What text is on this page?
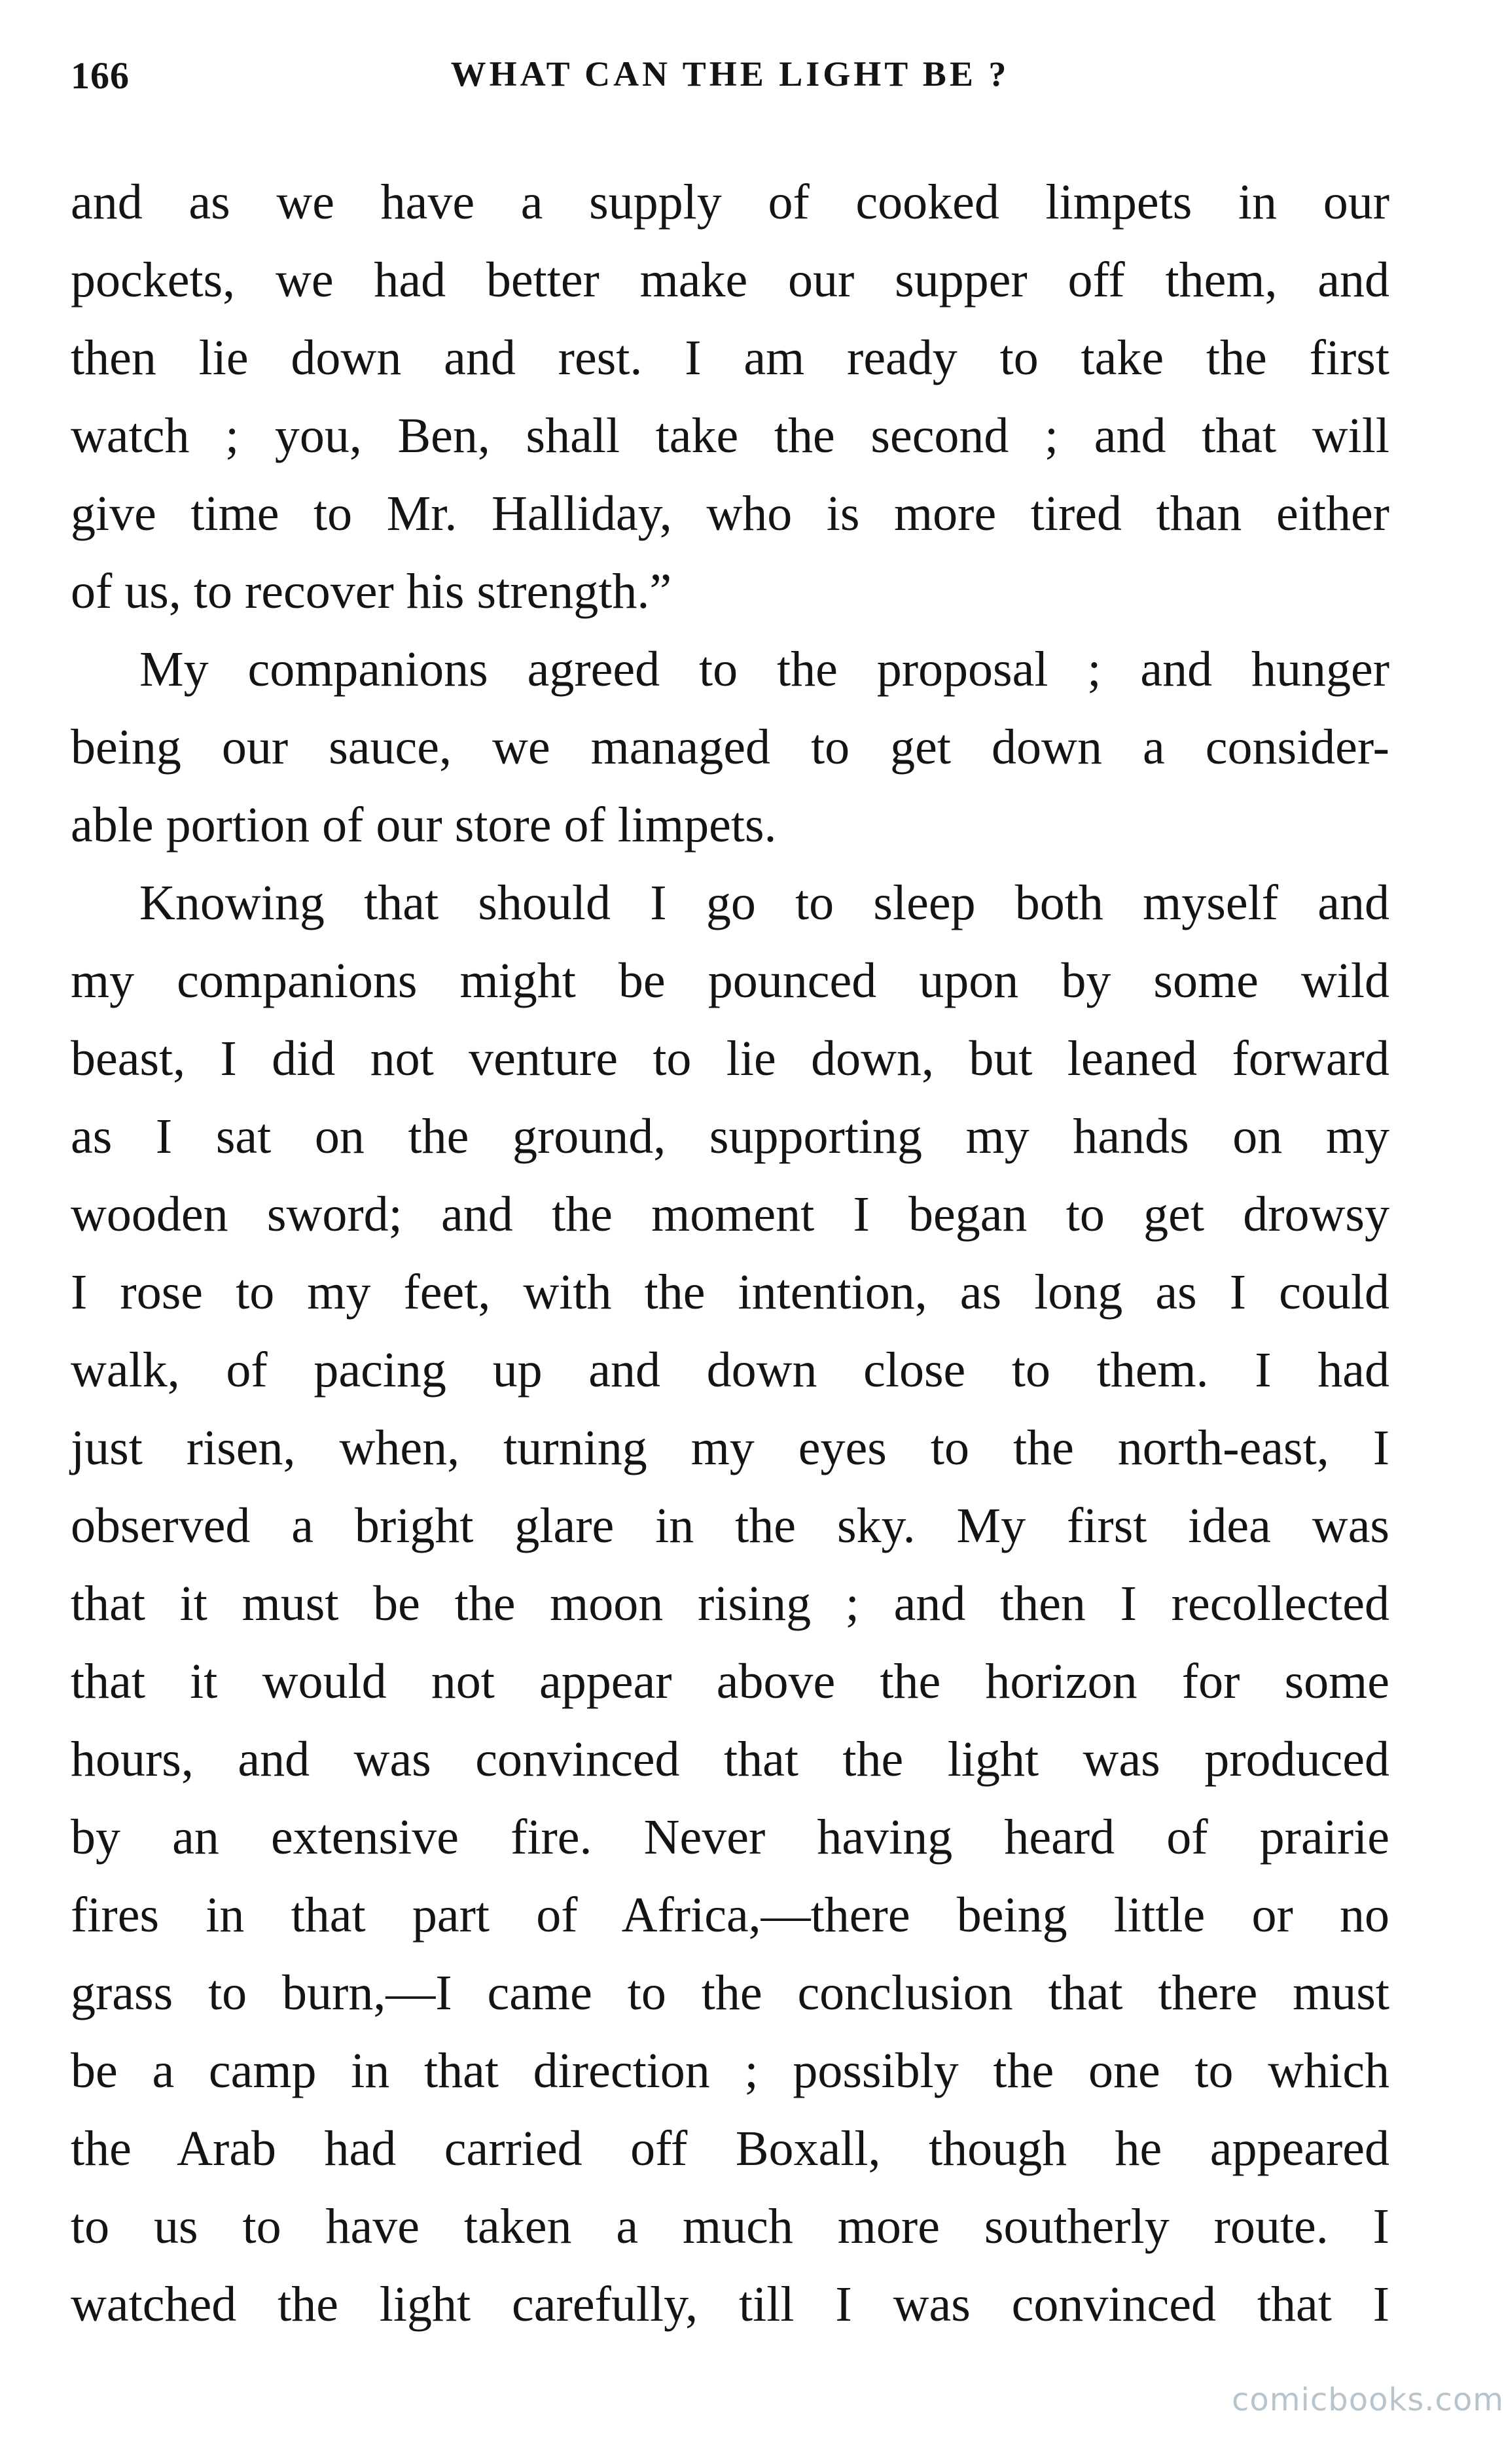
166	WHAT CAN THE LIGHT BE ?
and as we have a supply of cooked limpets in our
pockets, we had better make our supper off them, and
then lie down and rest. I am ready to take the first
watch ; you, Ben, shall take the second ; and that will
give time to Mr. Halliday, who is more tired than either
of us, to recover his strength.”
My companions agreed to the proposal ; and hunger
being our sauce, we managed to get down a consider-
able portion of our store of limpets.
Knowing that should I go to sleep both myself and
my companions might be pounced upon by some wild
beast, I did not venture to lie down, but leaned forward
as I sat on the ground, supporting my hands on my
wooden sword; and the moment I began to get drowsy
I rose to my feet, with the intention, as long as I could
walk, of pacing up and down close to them. I had
just risen, when, turning my eyes to the north-east, I
observed a bright glare in the sky. My first idea was
that it must be the moon rising ; and then I recollected
that it would not appear above the horizon for some
hours, and was convinced that the light was produced
by an extensive fire. Never having heard of prairie
fires in that part of Africa,—there being little or no
grass to burn,—I came to the conclusion that there must
be a camp in that direction ; possibly the one to which
the Arab had carried off Boxall, though he appeared
to us to have taken a much more southerly route. I
watched the light carefully, till I was convinced that I
comicbooks.com
